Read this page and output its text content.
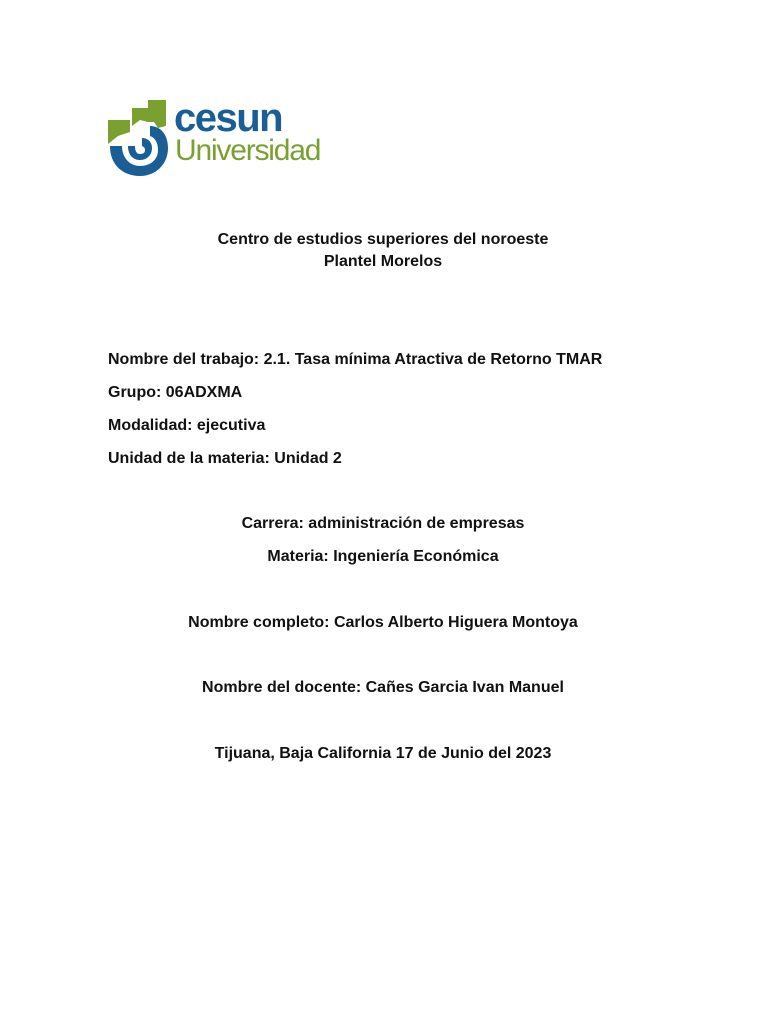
cesun
Universidad
Centro de estudios superiores del noroeste
Plantel Morelos
Nombre del trabajo: 2.1. Tasa mínima Atractiva de Retorno TMAR
Grupo: 06ADXMA
Modalidad: ejecutiva
Unidad de la materia: Unidad 2
Carrera: administración de empresas
Materia: Ingeniería Económica
Nombre completo: Carlos Alberto Higuera Montoya
Nombre del docente: Cañes Garcia Ivan Manuel
Tijuana, Baja California 17 de Junio del 2023
